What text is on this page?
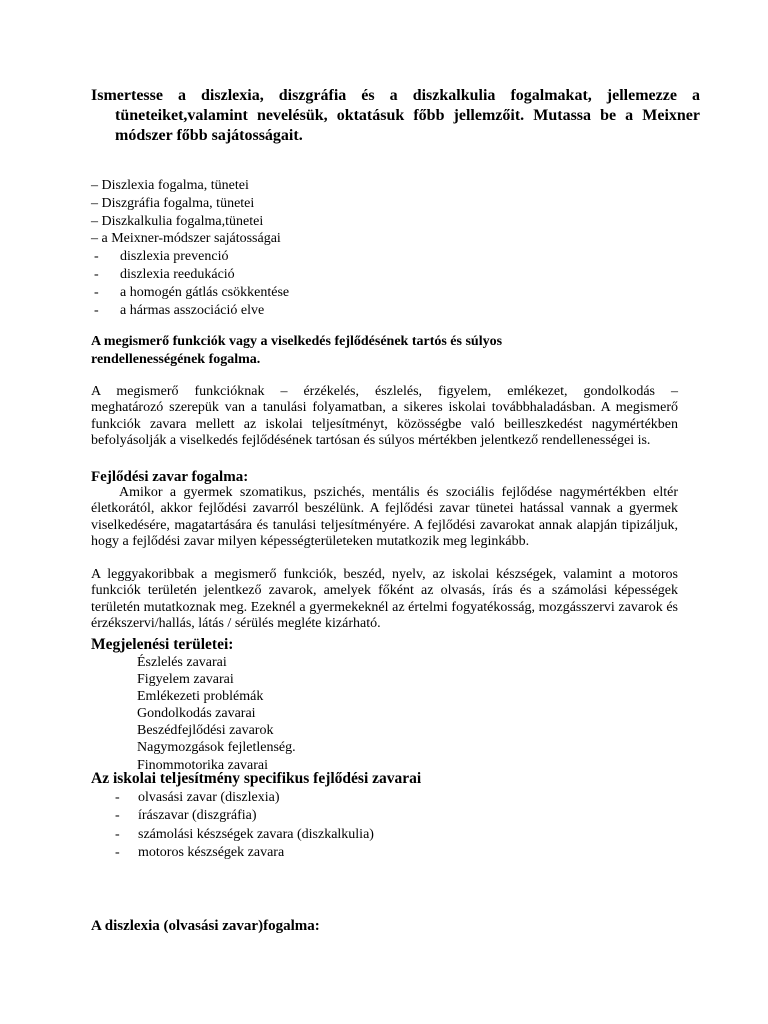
Ismertesse a diszlexia, diszgráfia és a diszkalkulia fogalmakat, jellemezze a tüneteiket,valamint nevelésük, oktatásuk főbb jellemzőit. Mutassa be a Meixner módszer főbb sajátosságait.
– Diszlexia fogalma, tünetei
– Diszgráfia fogalma, tünetei
– Diszkalkulia fogalma,tünetei
– a Meixner-módszer sajátosságai
- diszlexia prevenció
- diszlexia reedukáció
- a homogén gátlás csökkentése
- a hármas asszociáció elve
A megismerő funkciók vagy a viselkedés fejlődésének tartós és súlyos rendellenességének fogalma.
A megismerő funkcióknak – érzékelés, észlelés, figyelem, emlékezet, gondolkodás –
meghatározó szerepük van a tanulási folyamatban, a sikeres iskolai továbbhaladásban. A megismerő funkciók zavara mellett az iskolai teljesítményt, közösségbe való beilleszkedést nagymértékben befolyásolják a viselkedés fejlődésének tartósan és súlyos mértékben jelentkező rendellenességei is.
Fejlődési zavar fogalma:
Amikor a gyermek szomatikus, pszichés, mentális és szociális fejlődése nagymértékben eltér életkorától, akkor fejlődési zavarról beszélünk. A fejlődési zavar tünetei hatással vannak a gyermek viselkedésére, magatartására és tanulási teljesítményére. A fejlődési zavarokat annak alapján tipizáljuk, hogy a fejlődési zavar milyen képességterületeken mutatkozik meg leginkább.
A leggyakoribbak a megismerő funkciók, beszéd, nyelv, az iskolai készségek, valamint a motoros funkciók területén jelentkező zavarok, amelyek főként az olvasás, írás és a számolási képességek területén mutatkoznak meg. Ezeknél a gyermekeknél az értelmi fogyatékosság, mozgásszervi zavarok és érzékszervi/hallás, látás / sérülés megléte kizárható.
Megjelenési területei:
Észlelés zavarai
Figyelem zavarai
Emlékezeti problémák
Gondolkodás zavarai
Beszédfejlődési zavarok
Nagymozgások fejletlenség.
Finommotorika zavarai
Az iskolai teljesítmény specifikus fejlődési zavarai
- olvasási zavar (diszlexia)
- írászavar (diszgráfia)
- számolási készségek zavara (diszkalkulia)
- motoros készségek zavara
A diszlexia (olvasási zavar)fogalma:
